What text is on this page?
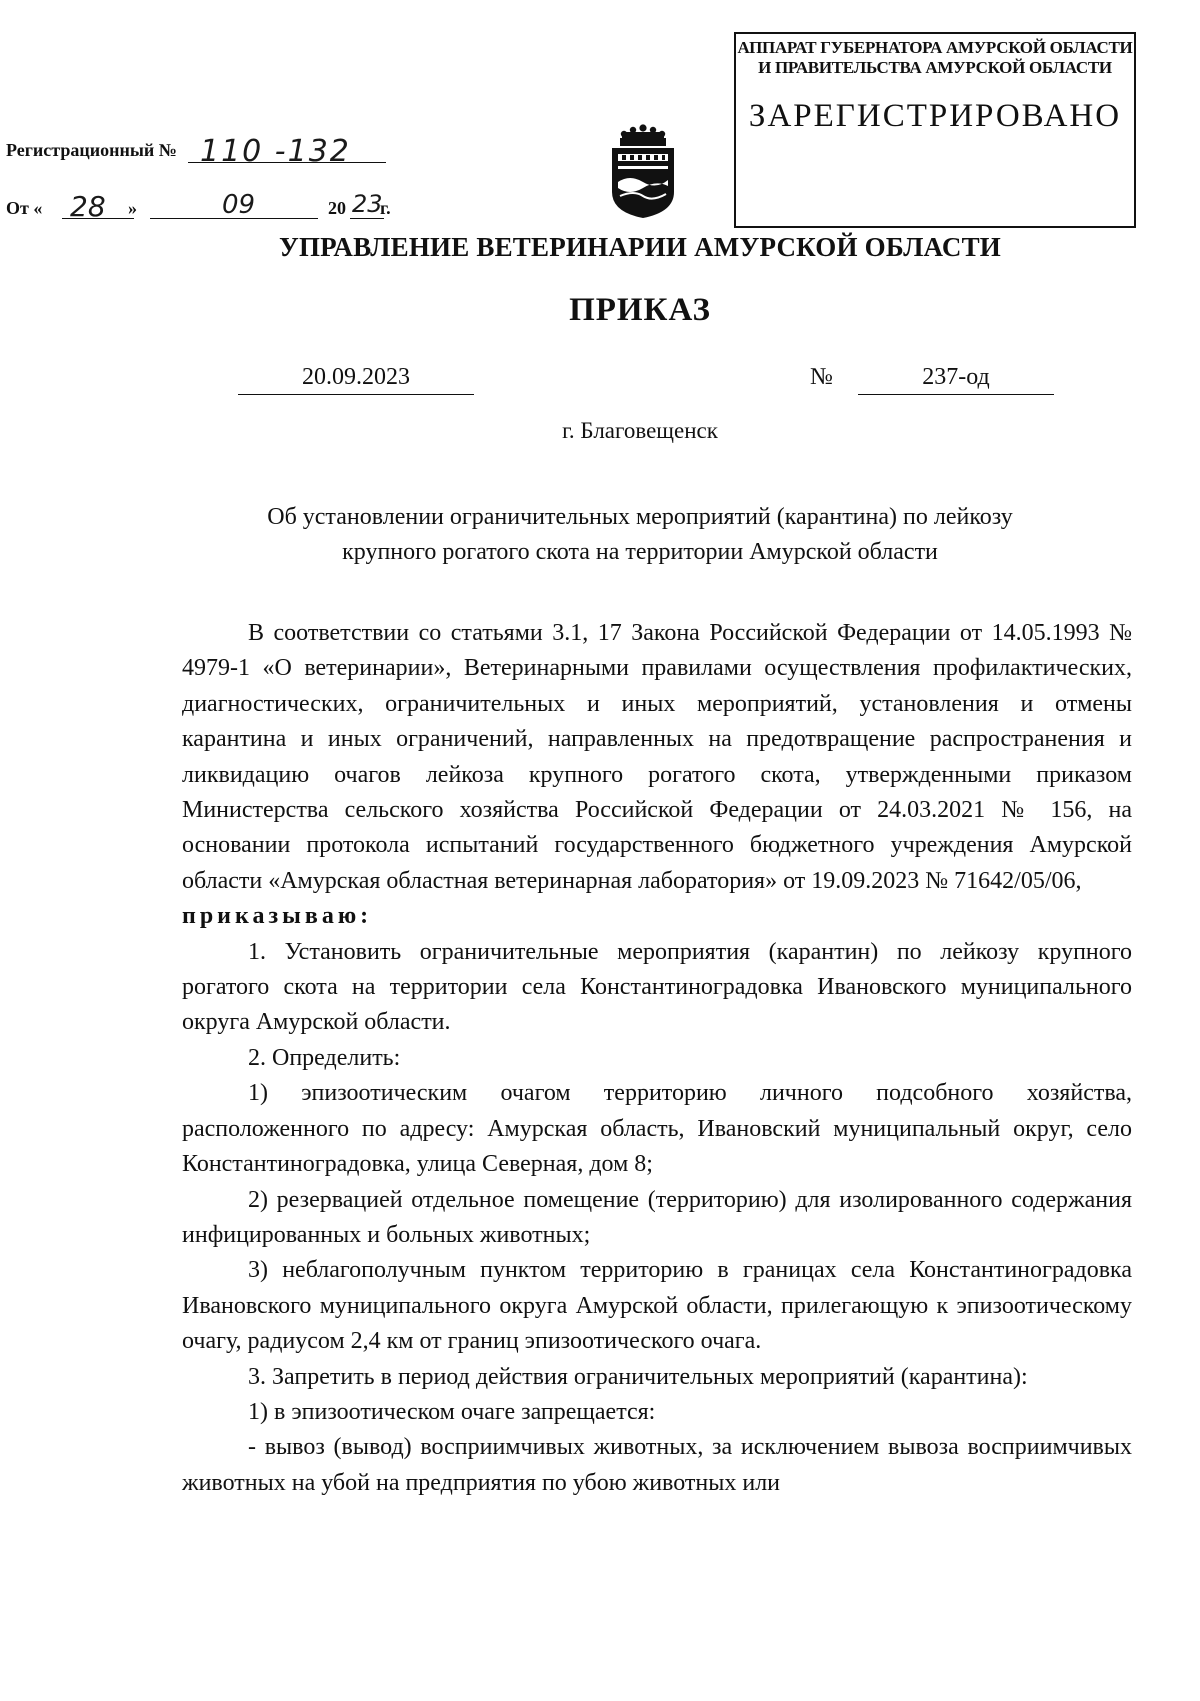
АППАРАТ ГУБЕРНАТОРА АМУРСКОЙ ОБЛАСТИ
И ПРАВИТЕЛЬСТВА АМУРСКОЙ ОБЛАСТИ
ЗАРЕГИСТРИРОВАНО
Регистрационный № 110 -132
От « 28 »	09	20 23
г.
УПРАВЛЕНИЕ ВЕТЕРИНАРИИ АМУРСКОЙ ОБЛАСТИ
ПРИКАЗ
20.09.2023	№	237-од
г. Благовещенск
Об установлении ограничительных мероприятий (карантина) по лейкозу
крупного рогатого скота на территории Амурской области

В соответствии со статьями 3.1, 17 Закона Российской Федерации от 14.05.1993 № 4979-1 «О ветеринарии», Ветеринарными правилами осуществления профилактических, диагностических, ограничительных и иных мероприятий, установления и отмены карантина и иных ограничений, направленных на предотвращение распространения и ликвидацию очагов лейкоза крупного рогатого скота, утвержденными приказом Министерства сельского хозяйства Российской Федерации от 24.03.2021 № 156, на основании протокола испытаний государственного бюджетного учреждения Амурской области «Амурская областная ветеринарная лаборатория» от 19.09.2023 № 71642/05/06,

приказываю:

1. Установить ограничительные мероприятия (карантин) по лейкозу крупного рогатого скота на территории села Константиноградовка Ивановского муниципального округа Амурской области.

2. Определить:

1) эпизоотическим очагом территорию личного подсобного хозяйства, расположенного по адресу: Амурская область, Ивановский муниципальный округ, село Константиноградовка, улица Северная, дом 8;

2) резервацией отдельное помещение (территорию) для изолированного содержания инфицированных и больных животных;

3) неблагополучным пунктом территорию в границах села Константиноградовка Ивановского муниципального округа Амурской области, прилегающую к эпизоотическому очагу, радиусом 2,4 км от границ эпизоотического очага.

3. Запретить в период действия ограничительных мероприятий (карантина):

1) в эпизоотическом очаге запрещается:

- вывоз (вывод) восприимчивых животных, за исключением вывоза восприимчивых животных на убой на предприятия по убою животных или
